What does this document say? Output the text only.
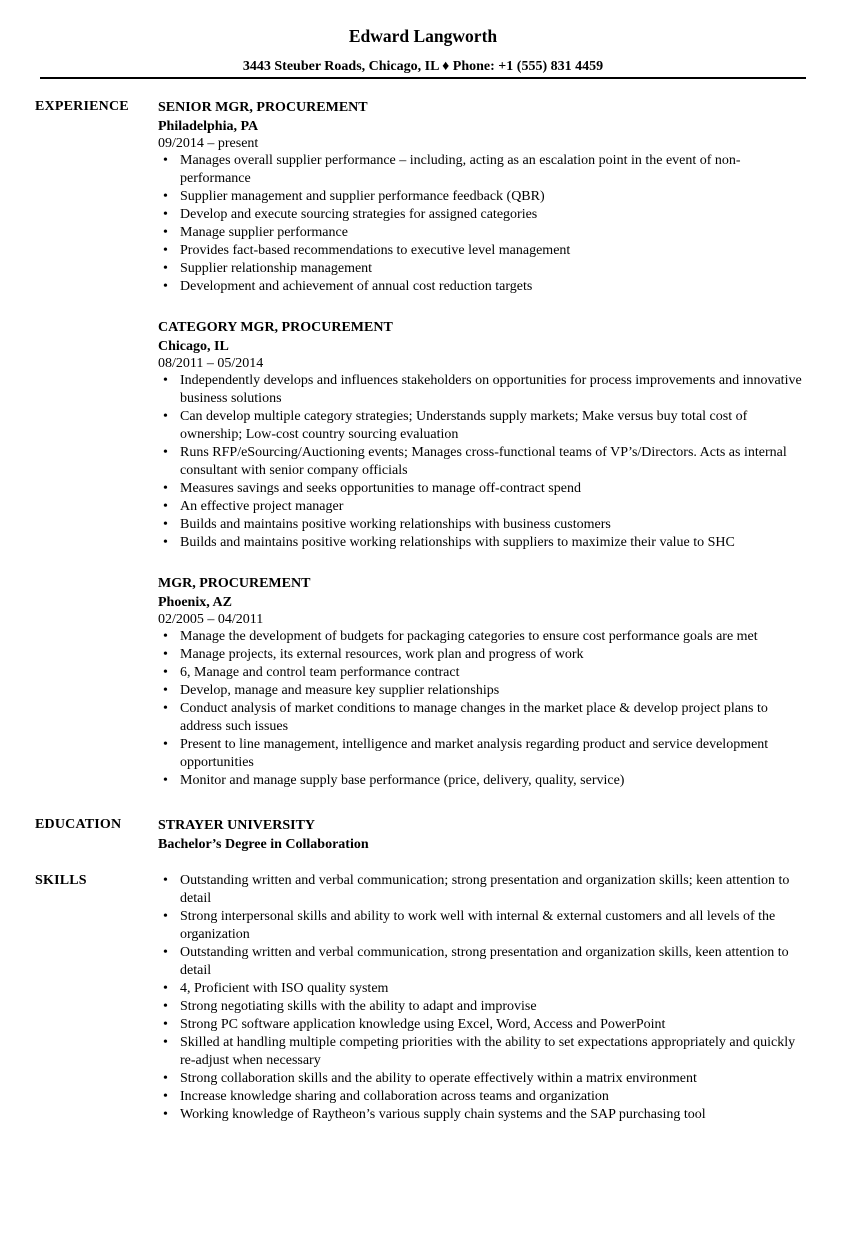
Edward Langworth
3443 Steuber Roads, Chicago, IL ♦ Phone: +1 (555) 831 4459
EXPERIENCE SENIOR MGR, PROCUREMENT
Philadelphia, PA
09/2014 – present
• Manages overall supplier performance – including, acting as an escalation point in the event of non-performance
• Supplier management and supplier performance feedback (QBR)
• Develop and execute sourcing strategies for assigned categories
• Manage supplier performance
• Provides fact-based recommendations to executive level management
• Supplier relationship management
• Development and achievement of annual cost reduction targets
CATEGORY MGR, PROCUREMENT
Chicago, IL
08/2011 – 05/2014
• Independently develops and influences stakeholders on opportunities for process improvements and innovative business solutions
• Can develop multiple category strategies; Understands supply markets; Make versus buy total cost of ownership; Low-cost country sourcing evaluation
• Runs RFP/eSourcing/Auctioning events; Manages cross-functional teams of VP’s/Directors. Acts as internal consultant with senior company officials
• Measures savings and seeks opportunities to manage off-contract spend
• An effective project manager
• Builds and maintains positive working relationships with business customers
• Builds and maintains positive working relationships with suppliers to maximize their value to SHC
MGR, PROCUREMENT
Phoenix, AZ
02/2005 – 04/2011
• Manage the development of budgets for packaging categories to ensure cost performance goals are met
• Manage projects, its external resources, work plan and progress of work
• 6, Manage and control team performance contract
• Develop, manage and measure key supplier relationships
• Conduct analysis of market conditions to manage changes in the market place & develop project plans to address such issues
• Present to line management, intelligence and market analysis regarding product and service development opportunities
• Monitor and manage supply base performance (price, delivery, quality, service)
EDUCATION	STRAYER UNIVERSITY
Bachelor’s Degree in Collaboration
SKILLS
•	Outstanding written and verbal communication; strong presentation and organization skills; keen attention to detail
• Strong interpersonal skills and ability to work well with internal & external customers and all levels of the organization
• Outstanding written and verbal communication, strong presentation and organization skills, keen attention to detail
• 4, Proficient with ISO quality system
• Strong negotiating skills with the ability to adapt and improvise
• Strong PC software application knowledge using Excel, Word, Access and PowerPoint
• Skilled at handling multiple competing priorities with the ability to set expectations appropriately and quickly re-adjust when necessary
• Strong collaboration skills and the ability to operate effectively within a matrix environment
• Increase knowledge sharing and collaboration across teams and organization
• Working knowledge of Raytheon’s various supply chain systems and the SAP purchasing tool
